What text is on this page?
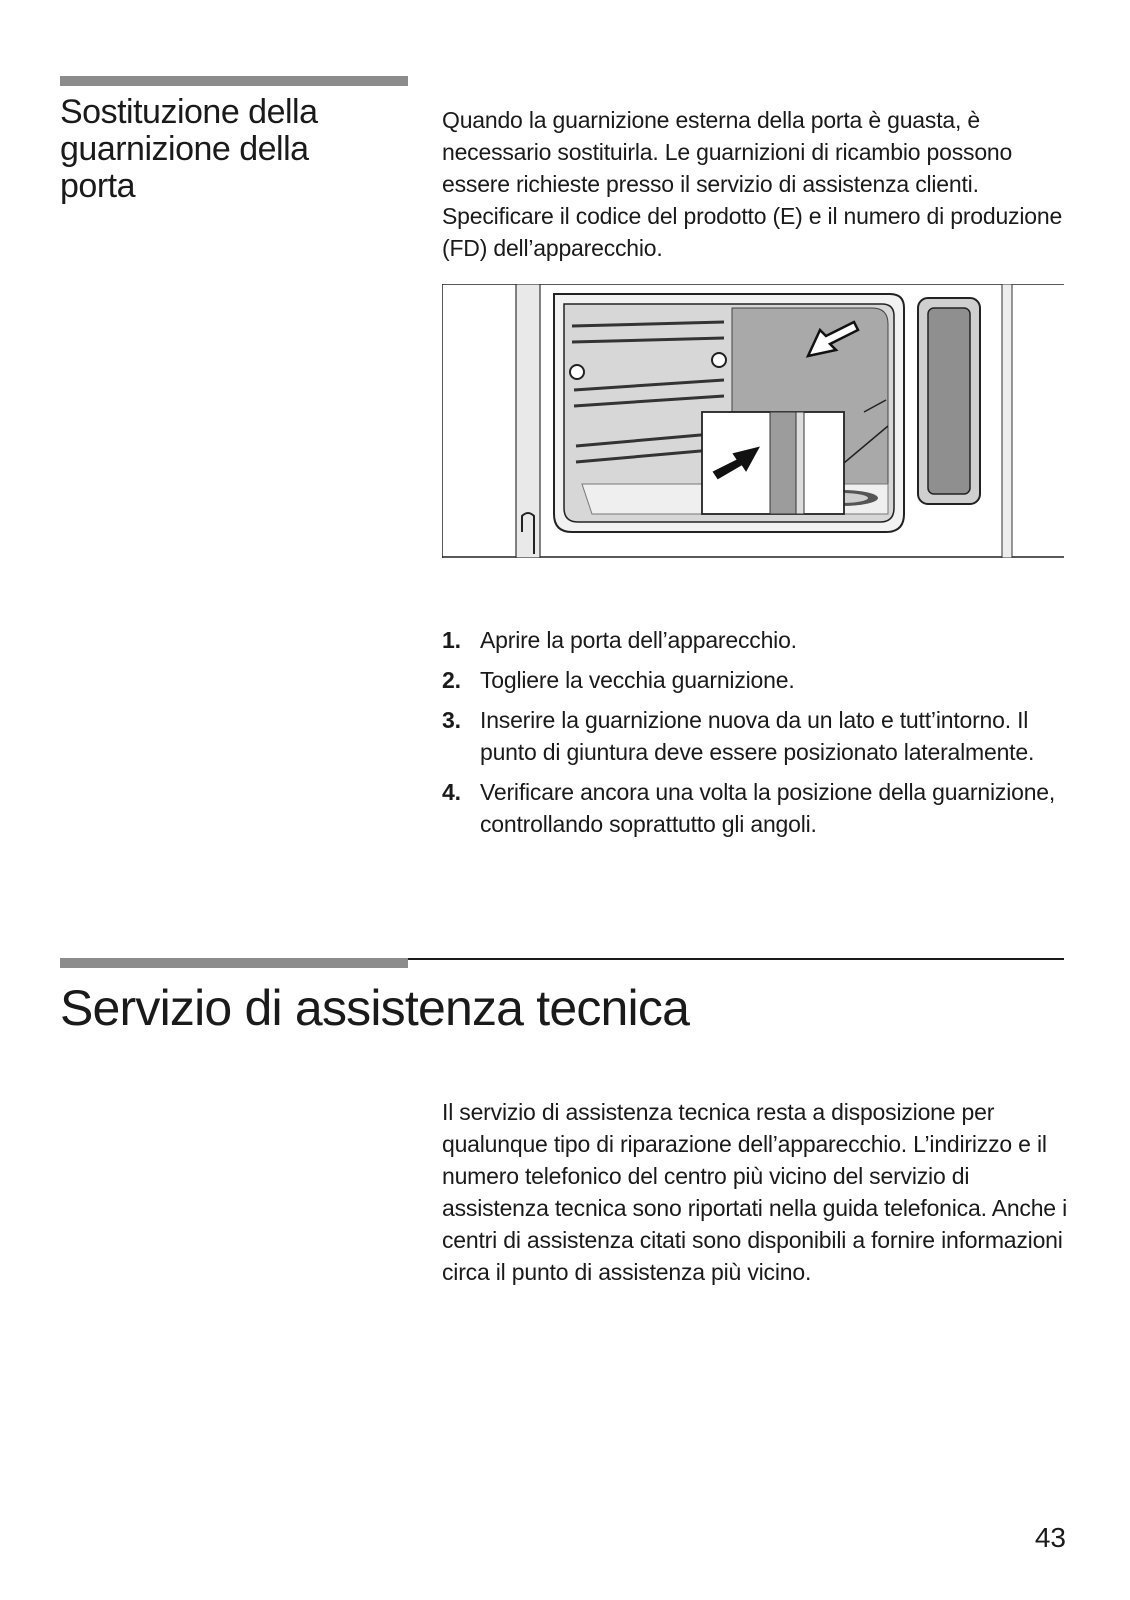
Sostituzione della guarnizione della porta

Quando la guarnizione esterna della porta è guasta, è necessario sostituirla. Le guarnizioni di ricambio possono essere richieste presso il servizio di assistenza clienti. Specificare il codice del prodotto (E) e il numero di produzione (FD) dell’apparecchio.

1. Aprire la porta dell’apparecchio.
2. Togliere la vecchia guarnizione.
3. Inserire la guarnizione nuova da un lato e tutt’intorno. Il punto di giuntura deve essere posizionato lateralmente.
4. Verificare ancora una volta la posizione della guarnizione, controllando soprattutto gli angoli.
Servizio di assistenza tecnica

Il servizio di assistenza tecnica resta a disposizione per qualunque tipo di riparazione dell’apparecchio. L’indirizzo e il numero telefonico del centro più vicino del servizio di assistenza tecnica sono riportati nella guida telefonica. Anche i centri di assistenza citati sono disponibili a fornire informazioni circa il punto di assistenza più vicino.

43
